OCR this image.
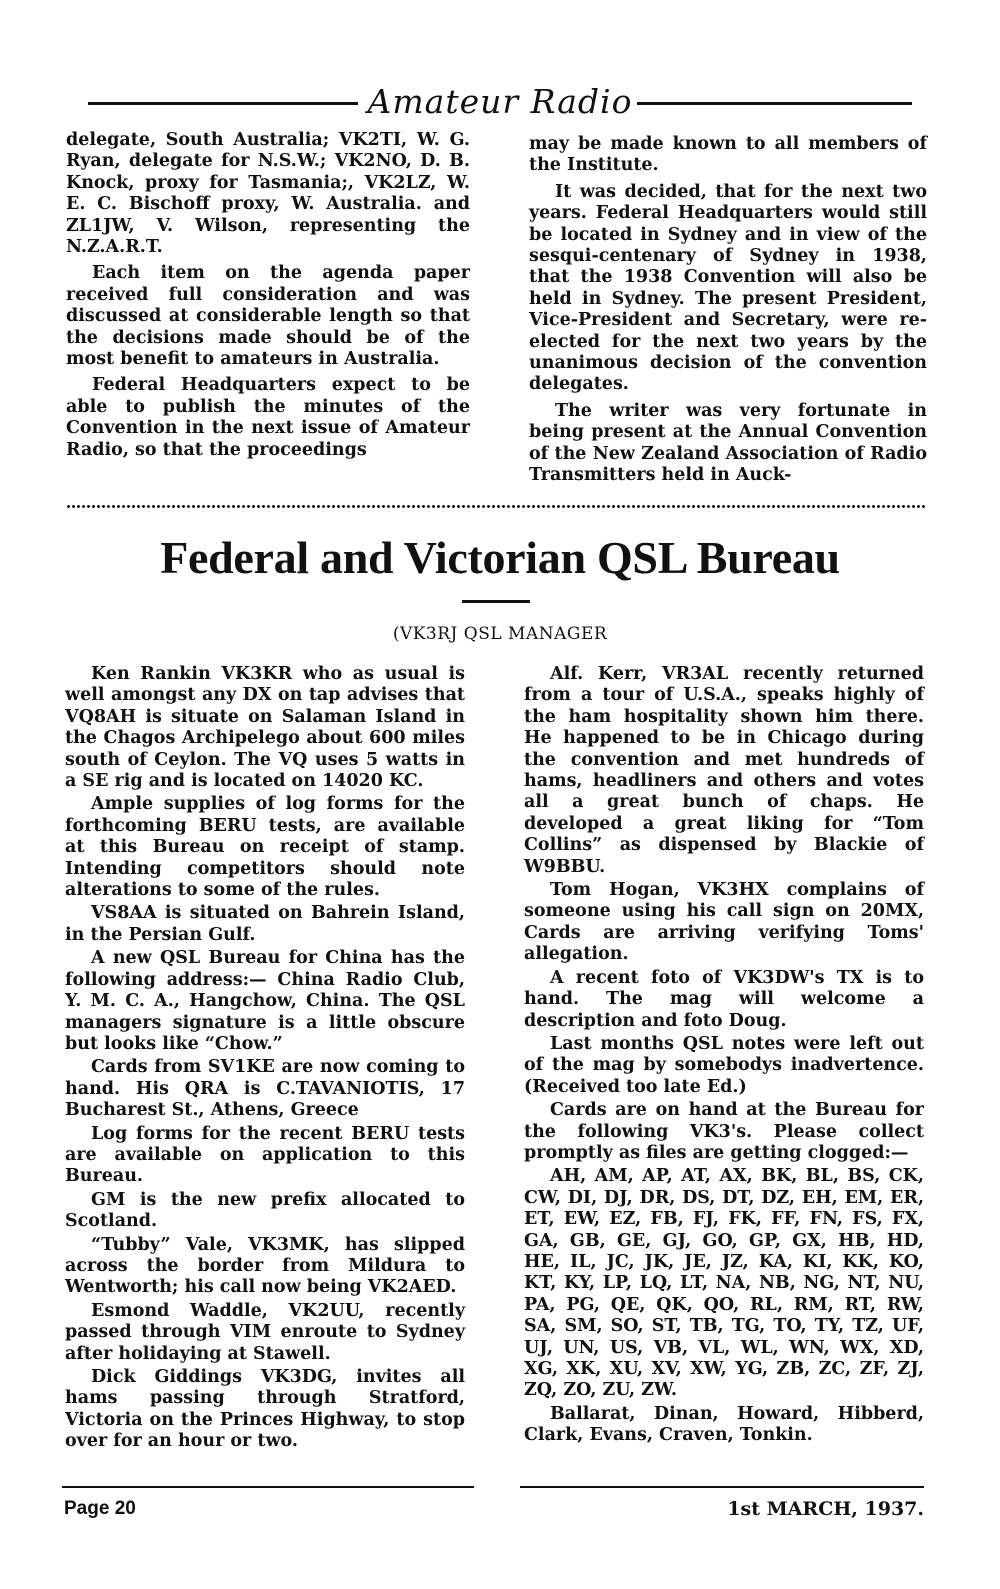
Amateur Radio

delegate, South Australia; VK2TI, W. G. Ryan, delegate for N.S.W.; VK2NO, D. B. Knock, proxy for Tasmania;, VK2LZ, W. E. C. Bischoff proxy, W. Australia. and ZL1JW, V. Wilson, representing the N.Z.A.R.T.

Each item on the agenda paper received full consideration and was discussed at considerable length so that the decisions made should be of the most benefit to amateurs in Australia.

Federal Headquarters expect to be able to publish the minutes of the Convention in the next issue of Amateur Radio, so that the proceedings

may be made known to all members of the Institute.

It was decided, that for the next two years. Federal Headquarters would still be located in Sydney and in view of the sesqui-centenary of Sydney in 1938, that the 1938 Convention will also be held in Sydney. The present President, Vice-President and Secretary, were re-elected for the next two years by the unanimous decision of the convention delegates.

The writer was very fortunate in being present at the Annual Convention of the New Zealand Association of Radio Transmitters held in Auck-

Federal and Victorian QSL Bureau
(VK3RJ QSL MANAGER

Ken Rankin VK3KR who as usual is well amongst any DX on tap advises that VQ8AH is situate on Salaman Island in the Chagos Archipelego about 600 miles south of Ceylon. The VQ uses 5 watts in a SE rig and is located on 14020 KC.

Ample supplies of log forms for the forthcoming BERU tests, are available at this Bureau on receipt of stamp. Intending competitors should note alterations to some of the rules.

VS8AA is situated on Bahrein Island, in the Persian Gulf.

A new QSL Bureau for China has the following address:— China Radio Club, Y. M. C. A., Hangchow, China. The QSL managers signature is a little obscure but looks like “Chow.”

Cards from SV1KE are now coming to hand. His QRA is C.TAVANIOTIS, 17 Bucharest St., Athens, Greece

Log forms for the recent BERU tests are available on application to this Bureau.

GM is the new prefix allocated to Scotland.

“Tubby” Vale, VK3MK, has slipped across the border from Mildura to Wentworth; his call now being VK2AED.

Esmond Waddle, VK2UU, recently passed through VIM enroute to Sydney after holidaying at Stawell.

Dick Giddings VK3DG, invites all hams passing through Stratford, Victoria on the Princes Highway, to stop over for an hour or two.

Alf. Kerr, VR3AL recently returned from a tour of U.S.A., speaks highly of the ham hospitality shown him there. He happened to be in Chicago during the convention and met hundreds of hams, headliners and others and votes all a great bunch of chaps. He developed a great liking for “Tom Collins” as dispensed by Blackie of W9BBU.

Tom Hogan, VK3HX complains of someone using his call sign on 20MX, Cards are arriving verifying Toms' allegation.

A recent foto of VK3DW's TX is to hand. The mag will welcome a description and foto Doug.

Last months QSL notes were left out of the mag by somebodys inadvertence. (Received too late Ed.)

Cards are on hand at the Bureau for the following VK3's. Please collect promptly as files are getting clogged:—

AH, AM, AP, AT, AX, BK, BL, BS, CK, CW, DI, DJ, DR, DS, DT, DZ, EH, EM, ER, ET, EW, EZ, FB, FJ, FK, FF, FN, FS, FX, GA, GB, GE, GJ, GO, GP, GX, HB, HD, HE, IL, JC, JK, JE, JZ, KA, KI, KK, KO, KT, KY, LP, LQ, LT, NA, NB, NG, NT, NU, PA, PG, QE, QK, QO, RL, RM, RT, RW, SA, SM, SO, ST, TB, TG, TO, TY, TZ, UF, UJ, UN, US, VB, VL, WL, WN, WX, XD, XG, XK, XU, XV, XW, YG, ZB, ZC, ZF, ZJ, ZQ, ZO, ZU, ZW.

Ballarat, Dinan, Howard, Hibberd, Clark, Evans, Craven, Tonkin.

Page 20	1st MARCH, 1937.
